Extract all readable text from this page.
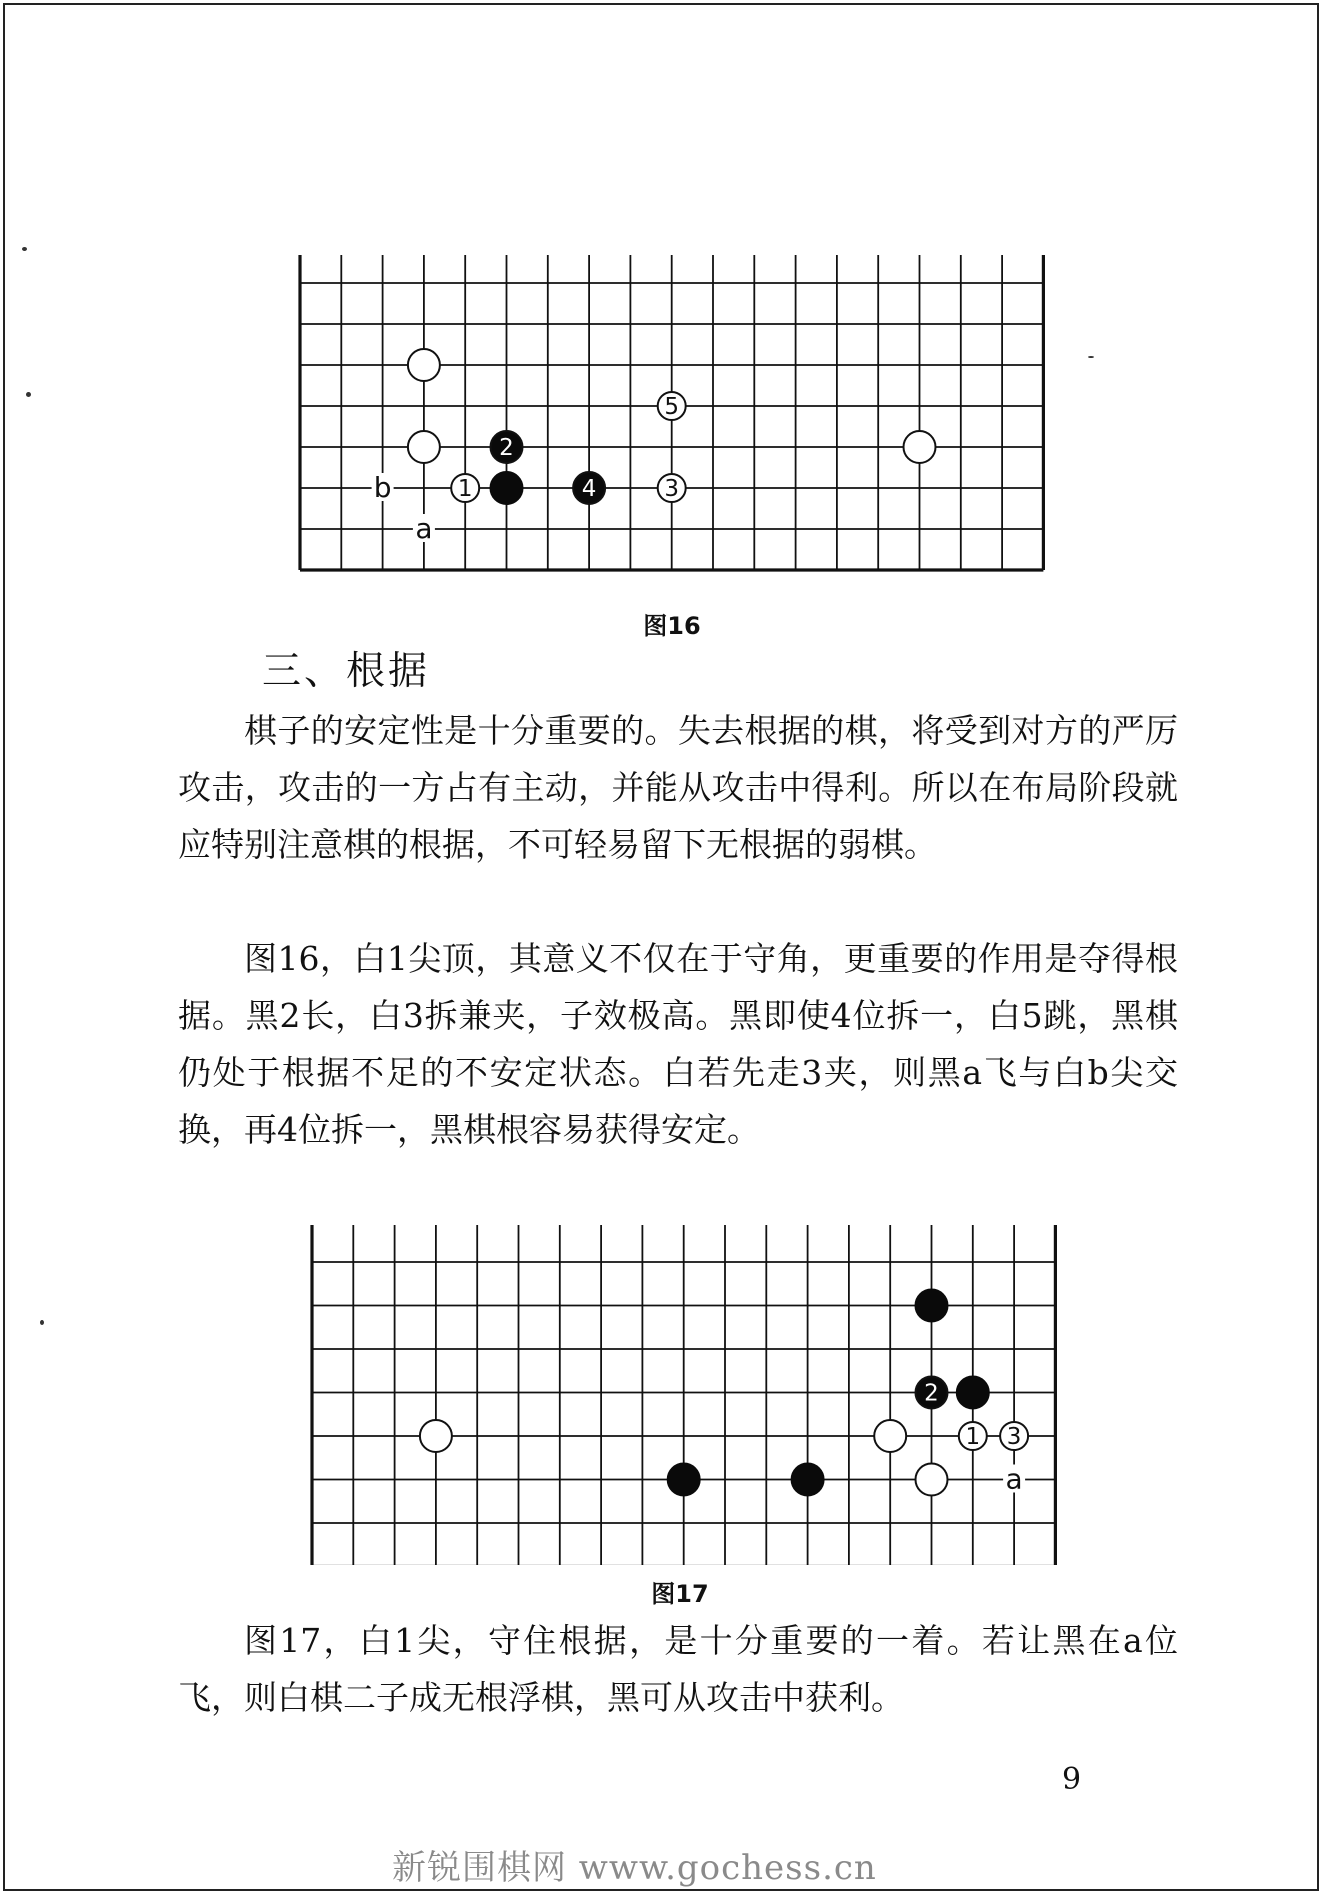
1
2
3
4
5
b
a
图16
三、根据

棋子的安定性是十分重要的。失去根据的棋，将受到对方的严厉攻击，攻击的一方占有主动，并能从攻击中得利。所以在布局阶段就应特别注意棋的根据，不可轻易留下无根据的弱棋。

图16，白1尖顶，其意义不仅在于守角，更重要的作用是夺得根据。黑2长，白3拆兼夹，子效极高。黑即使4位拆一，白5跳，黑棋仍处于根据不足的不安定状态。白若先走3夹，则黑a飞与白b尖交换，再4位拆一，黑棋根容易获得安定。

1
2
3
a
图17

图17，白1尖，守住根据，是十分重要的一着。若让黑在a位飞，则白棋二子成无根浮棋，黑可从攻击中获利。

9
新锐围棋网 www.gochess.cn
